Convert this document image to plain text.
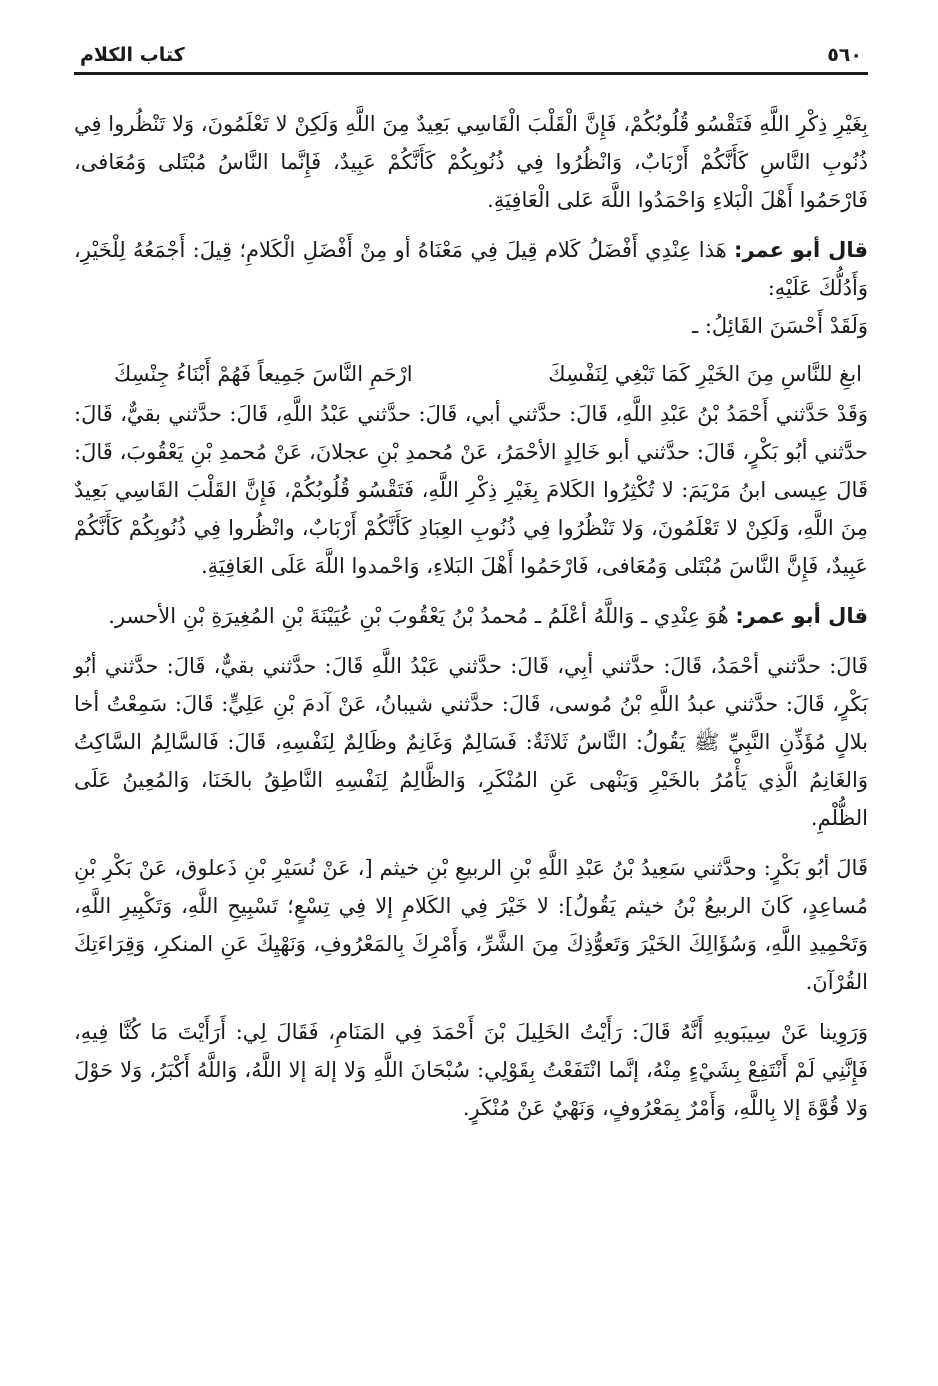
٥٦٠
كتاب الكلام

بِغَيْرِ ذِكْرِ اللَّهِ فَتَقْسُو قُلُوبُكُمْ، فَإِنَّ الْقَلْبَ الْقَاسِي بَعِيدٌ مِنَ اللَّهِ وَلَكِنْ لا تَعْلَمُونَ، وَلا تَنْظُروا فِي ذُنُوبِ النَّاسِ كَأَنَّكُمْ أَرْبَابٌ، وَانْظُرُوا فِي ذُنُوبِكُمْ كَأَنَّكُمْ عَبِيدٌ، فَإِنَّما النَّاسُ مُبْتَلى وَمُعَافى، فَارْحَمُوا أَهْلَ الْبَلاءِ وَاحْمَدُوا اللَّهَ عَلى الْعَافِيَةِ.

قال أبو عمر: هَذا عِنْدِي أَفْضَلُ كَلام قِيلَ فِي مَعْنَاهُ أو مِنْ أَفْضَلِ الْكَلامِ؛ قِيلَ: أَجْمَعُهُ لِلْخَيْرِ، وَأَدُلُّكَ عَلَيْهِ:
وَلَقَدْ أَحْسَنَ القَائِلُ: ـ

ابغِ للنَّاسِ مِنَ الخَيْرِ كَمَا تَبْغِي لِنَفْسِكَ
ارْحَمِ النَّاسَ جَمِيعاً فَهُمْ أَبْنَاءُ جِنْسِكَ

وَقَدْ حَدَّثني أَحْمَدُ بْنُ عَبْدِ اللَّهِ، قَالَ: حدَّثني أبي، قَالَ: حدَّثني عَبْدُ اللَّهِ، قَالَ: حدَّثني بقيٌّ، قَالَ: حدَّثني أبُو بَكْرٍ، قَالَ: حدَّثني أبو خَالِدٍ الأحْمَرُ، عَنْ مُحمدِ بْنِ عجلانَ، عَنْ مُحمدِ بْنِ يَعْقُوبَ، قَالَ: قَالَ عِيسى ابنُ مَرْيَمَ: لا تُكْثِرُوا الكَلامَ بِغَيْرِ ذِكْرِ اللَّهِ، فَتَقْسُو قُلُوبُكُمْ، فَإِنَّ القَلْبَ القَاسِي بَعِيدٌ مِنَ اللَّهِ، وَلَكِنْ لا تَعْلَمُونَ، وَلا تَنْظُرُوا فِي ذُنُوبِ العِبَادِ كَأَنَّكُمْ أَرْبَابٌ، وانْظُروا فِي ذُنُوبِكُمْ كَأَنَّكُمْ عَبِيدٌ، فَإِنَّ النَّاسَ مُبْتَلى وَمُعَافى، فَارْحَمُوا أَهْلَ البَلاءِ، وَاحْمدوا اللَّهَ عَلَى العَافِيَةِ.

قال أبو عمر: هُوَ عِنْدِي ـ وَاللَّهُ أعْلَمُ ـ مُحمدُ بْنُ يَعْقُوبَ بْنِ عُيَيْنَةَ بْنِ المُغِيرَةِ بْنِ الأحسر.

قَالَ: حدَّثني أحْمَدُ، قَالَ: حدَّثني أبِي، قَالَ: حدَّثني عَبْدُ اللَّهِ قَالَ: حدَّثني بقيٌّ، قَالَ: حدَّثني أبُو بَكْرٍ، قَالَ: حدَّثني عبدُ اللَّهِ بْنُ مُوسى، قَالَ: حدَّثني شيبانُ، عَنْ آدمَ بْنِ عَلِيٍّ: قَالَ: سَمِعْتُ أخا بلالٍ مُؤَذِّنِ النَّبِيِّ ﷺ يَقُولُ: النَّاسُ ثَلاثَةٌ: فَسَالِمٌ وَغَانِمٌ وظَالِمٌ لِنَفْسِهِ، قَالَ: فَالسَّالِمُ السَّاكِتُ وَالغَانِمُ الَّذِي يَأْمُرُ بالخَيْرِ وَيَنْهى عَنِ المُنْكَرِ، وَالظَّالِمُ لِنَفْسِهِ النَّاطِقُ بالخَنَا، وَالمُعِينُ عَلَى الظُّلْمِ.

قَالَ أبُو بَكْرٍ: وحدَّثني سَعِيدُ بْنُ عَبْدِ اللَّهِ بْنِ الربيعِ بْنِ خيثم [، عَنْ نُسَيْرِ بْنِ ذَعلوق، عَنْ بَكْرِ بْنِ مُساعِدٍ، كَانَ الربيعُ بْنُ خيثم يَقُولُ]: لا خَيْرَ فِي الكَلامِ إلا فِي تِسْعٍ؛ تَسْبِيحِ اللَّهِ، وَتَكْبِيرِ اللَّهِ، وَتَحْمِيدِ اللَّهِ، وَسُؤَالِكَ الخَيْرَ وَتَعوُّذِكَ مِنَ الشَّرِّ، وَأَمْرِكَ بِالمَعْرُوفِ، وَنَهْيِكَ عَنِ المنكرِ، وَقِرَاءَتِكَ القُرْآنَ.

وَرَوِينا عَنْ سِيبَويهِ أَنَّهُ قَالَ: رَأَيْتُ الخَلِيلَ بْنَ أَحْمَدَ فِي المَنَامِ، فَقَالَ لِي: أَرَأَيْتَ مَا كُنَّا فِيهِ، فَإِنَّنِي لَمْ أَنْتَفِعْ بِشَيْءٍ مِنْهُ، إنَّما انْتَفَعْتُ بِقَوْلِي: سُبْحَانَ اللَّهِ وَلا إلهَ إلا اللَّهُ، وَاللَّهُ أَكْبَرُ، وَلا حَوْلَ وَلا قُوَّةَ إلا بِاللَّهِ، وَأَمْرٌ بِمَعْرُوفٍ، وَنَهْيٌ عَنْ مُنْكَرٍ.
